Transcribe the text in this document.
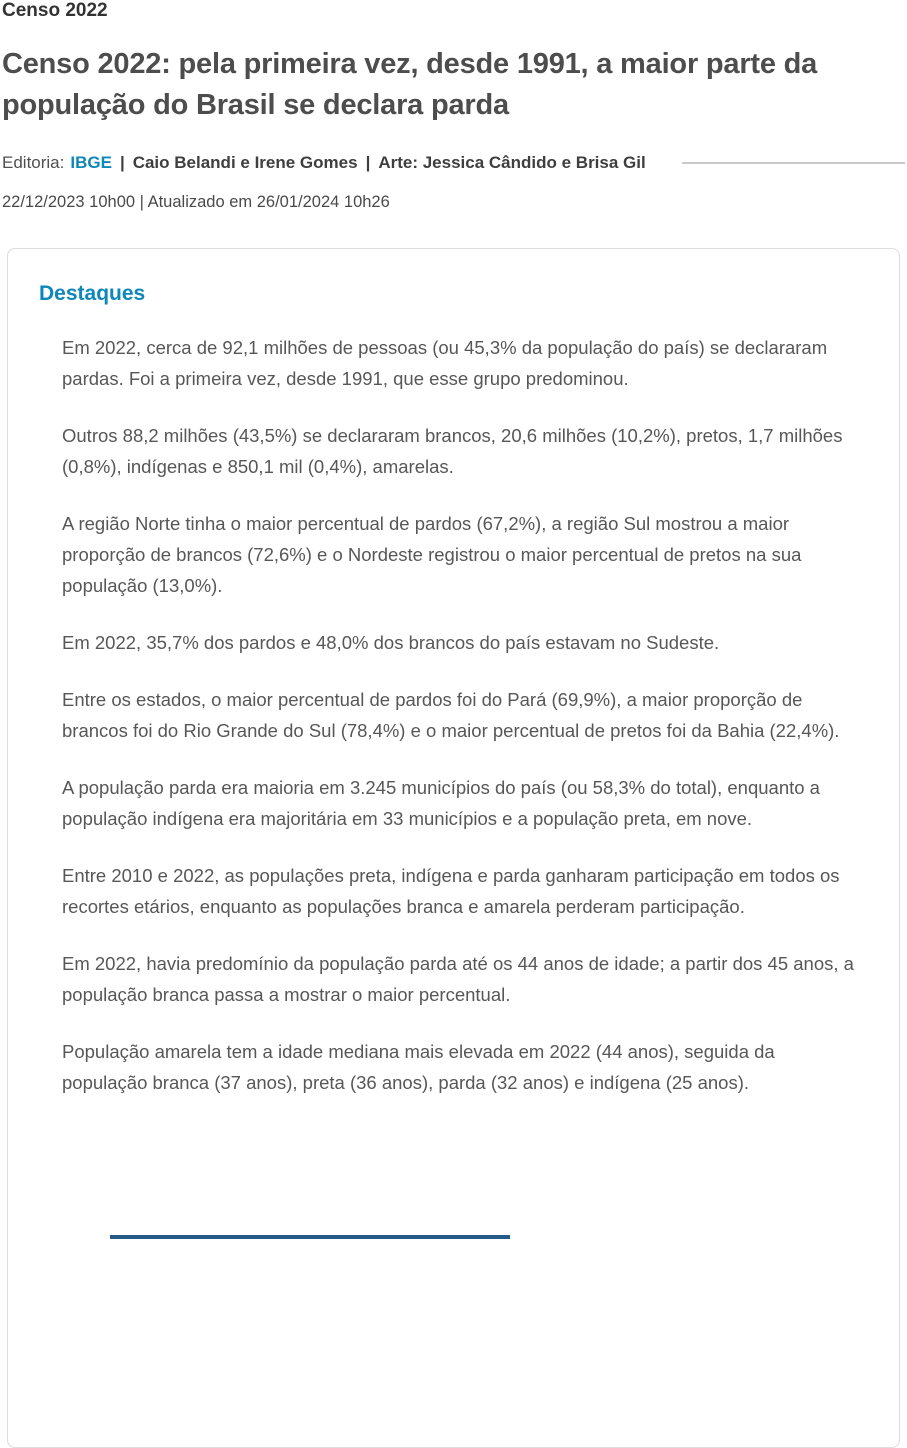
Censo 2022
Censo 2022: pela primeira vez, desde 1991, a maior parte da população do Brasil se declara parda
Editoria: IBGE | Caio Belandi e Irene Gomes | Arte: Jessica Cândido e Brisa Gil
22/12/2023 10h00 | Atualizado em 26/01/2024 10h26
Destaques

Em 2022, cerca de 92,1 milhões de pessoas (ou 45,3% da população do país) se declararam pardas. Foi a primeira vez, desde 1991, que esse grupo predominou.

Outros 88,2 milhões (43,5%) se declararam brancos, 20,6 milhões (10,2%), pretos, 1,7 milhões (0,8%), indígenas e 850,1 mil (0,4%), amarelas.

A região Norte tinha o maior percentual de pardos (67,2%), a região Sul mostrou a maior proporção de brancos (72,6%) e o Nordeste registrou o maior percentual de pretos na sua população (13,0%).

Em 2022, 35,7% dos pardos e 48,0% dos brancos do país estavam no Sudeste.

Entre os estados, o maior percentual de pardos foi do Pará (69,9%), a maior proporção de brancos foi do Rio Grande do Sul (78,4%) e o maior percentual de pretos foi da Bahia (22,4%).

A população parda era maioria em 3.245 municípios do país (ou 58,3% do total), enquanto a população indígena era majoritária em 33 municípios e a população preta, em nove.

Entre 2010 e 2022, as populações preta, indígena e parda ganharam participação em todos os recortes etários, enquanto as populações branca e amarela perderam participação.

Em 2022, havia predomínio da população parda até os 44 anos de idade; a partir dos 45 anos, a população branca passa a mostrar o maior percentual.

População amarela tem a idade mediana mais elevada em 2022 (44 anos), seguida da população branca (37 anos), preta (36 anos), parda (32 anos) e indígena (25 anos).
